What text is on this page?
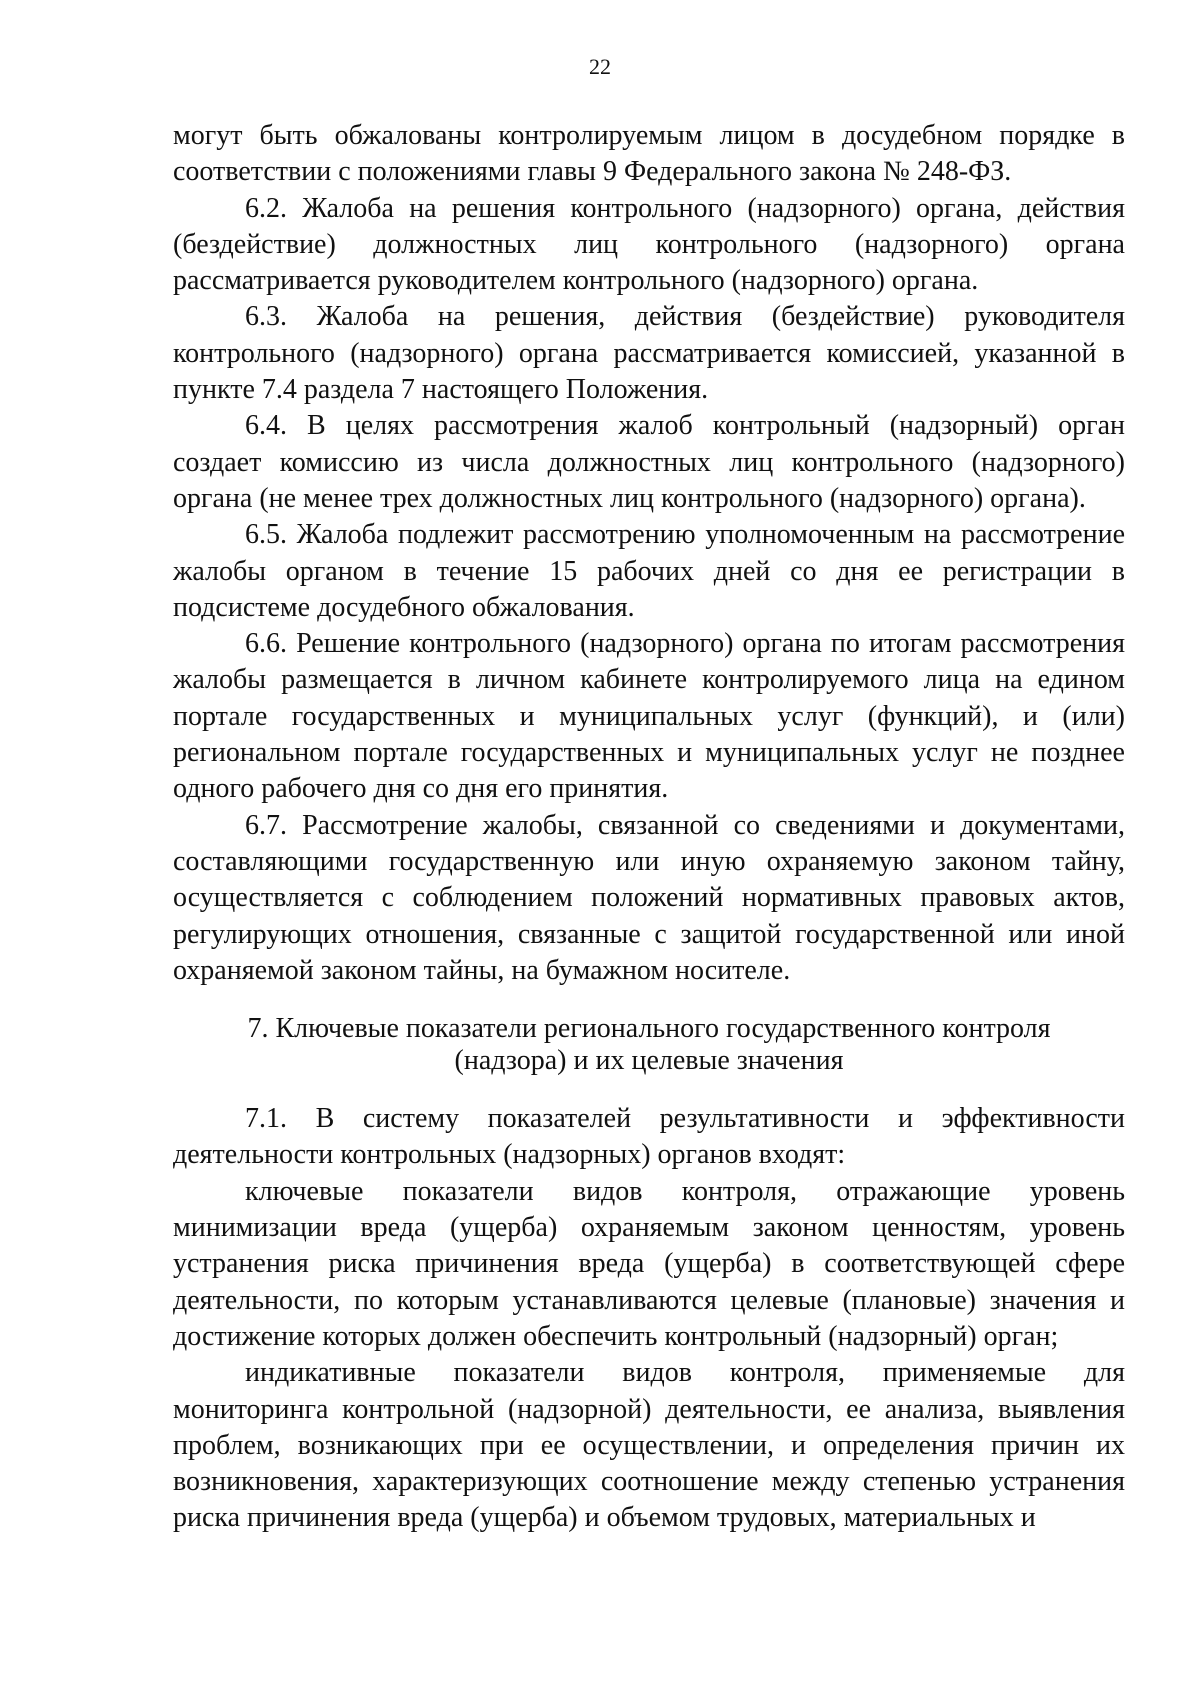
22

могут быть обжалованы контролируемым лицом в досудебном порядке в соответствии с положениями главы 9 Федерального закона № 248-ФЗ.

6.2. Жалоба на решения контрольного (надзорного) органа, действия (бездействие) должностных лиц контрольного (надзорного) органа рассматривается руководителем контрольного (надзорного) органа.

6.3. Жалоба на решения, действия (бездействие) руководителя контрольного (надзорного) органа рассматривается комиссией, указанной в пункте 7.4 раздела 7 настоящего Положения.

6.4. В целях рассмотрения жалоб контрольный (надзорный) орган создает комиссию из числа должностных лиц контрольного (надзорного) органа (не менее трех должностных лиц контрольного (надзорного) органа).

6.5. Жалоба подлежит рассмотрению уполномоченным на рассмотрение жалобы органом в течение 15 рабочих дней со дня ее регистрации в подсистеме досудебного обжалования.

6.6. Решение контрольного (надзорного) органа по итогам рассмотрения жалобы размещается в личном кабинете контролируемого лица на едином портале государственных и муниципальных услуг (функций), и (или) региональном портале государственных и муниципальных услуг не позднее одного рабочего дня со дня его принятия.

6.7. Рассмотрение жалобы, связанной со сведениями и документами, составляющими государственную или иную охраняемую законом тайну, осуществляется с соблюдением положений нормативных правовых актов, регулирующих отношения, связанные с защитой государственной или иной охраняемой законом тайны, на бумажном носителе.

7. Ключевые показатели регионального государственного контроля
(надзора) и их целевые значения

7.1. В систему показателей результативности и эффективности деятельности контрольных (надзорных) органов входят:

ключевые показатели видов контроля, отражающие уровень минимизации вреда (ущерба) охраняемым законом ценностям, уровень устранения риска причинения вреда (ущерба) в соответствующей сфере деятельности, по которым устанавливаются целевые (плановые) значения и достижение которых должен обеспечить контрольный (надзорный) орган;

индикативные показатели видов контроля, применяемые для мониторинга контрольной (надзорной) деятельности, ее анализа, выявления проблем, возникающих при ее осуществлении, и определения причин их возникновения, характеризующих соотношение между степенью устранения риска причинения вреда (ущерба) и объемом трудовых, материальных и
